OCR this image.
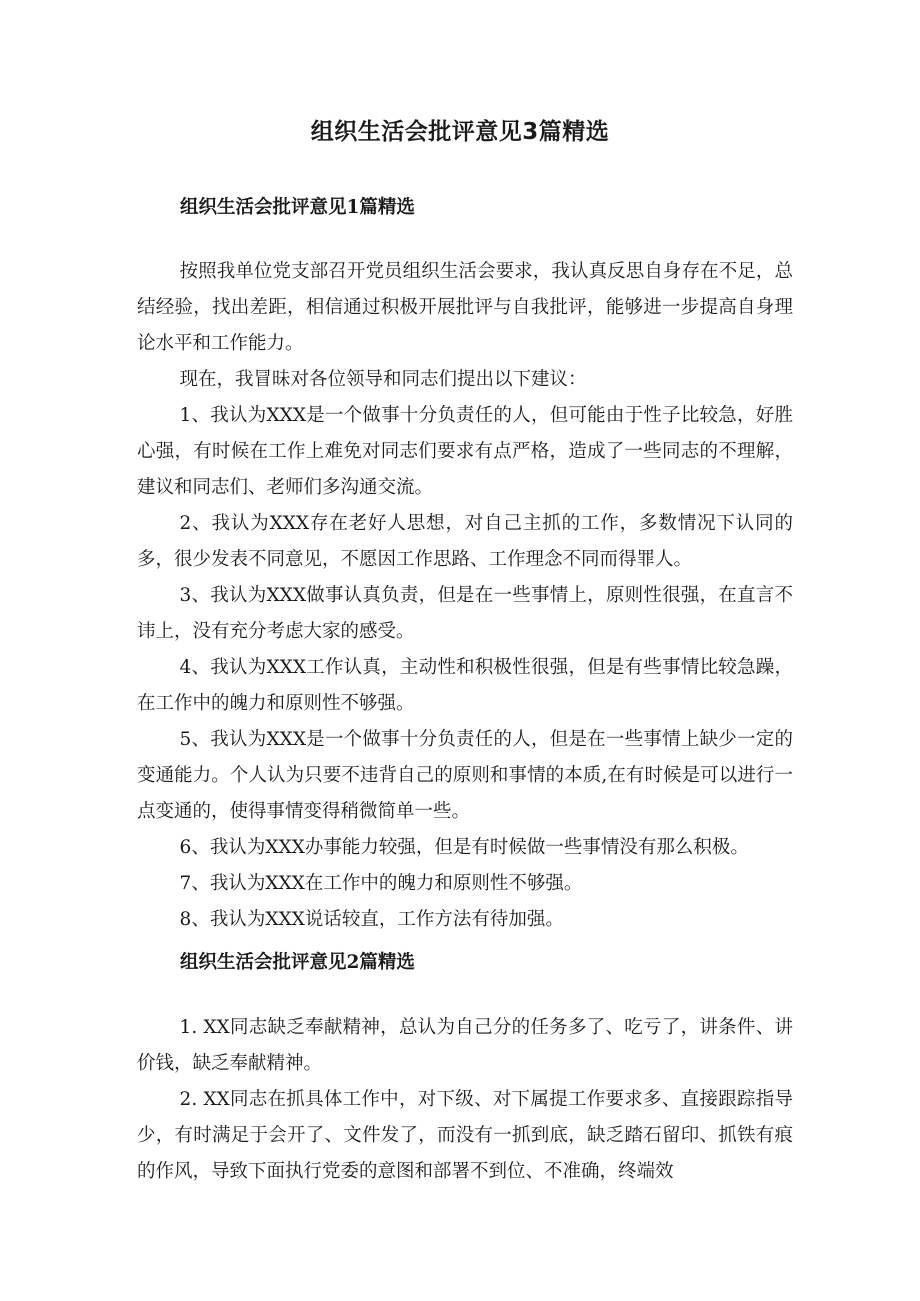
组织生活会批评意见3篇精选
组织生活会批评意见1篇精选

按照我单位党支部召开党员组织生活会要求，我认真反思自身存在不足，总结经验，找出差距，相信通过积极开展批评与自我批评，能够进一步提高自身理论水平和工作能力。

现在，我冒昧对各位领导和同志们提出以下建议：

1、我认为XXX是一个做事十分负责任的人，但可能由于性子比较急，好胜心强，有时候在工作上难免对同志们要求有点严格，造成了一些同志的不理解，建议和同志们、老师们多沟通交流。

2、我认为XXX存在老好人思想，对自己主抓的工作，多数情况下认同的多，很少发表不同意见，不愿因工作思路、工作理念不同而得罪人。

3、我认为XXX做事认真负责，但是在一些事情上，原则性很强，在直言不讳上，没有充分考虑大家的感受。

4、我认为XXX工作认真，主动性和积极性很强，但是有些事情比较急躁，在工作中的魄力和原则性不够强。

5、我认为XXX是一个做事十分负责任的人，但是在一些事情上缺少一定的变通能力。个人认为只要不违背自己的原则和事情的本质,在有时候是可以进行一点变通的，使得事情变得稍微简单一些。

6、我认为XXX办事能力较强，但是有时候做一些事情没有那么积极。

7、我认为XXX在工作中的魄力和原则性不够强。

8、我认为XXX说话较直，工作方法有待加强。

组织生活会批评意见2篇精选

1. XX同志缺乏奉献精神，总认为自己分的任务多了、吃亏了，讲条件、讲价钱，缺乏奉献精神。

2. XX同志在抓具体工作中，对下级、对下属提工作要求多、直接跟踪指导少，有时满足于会开了、文件发了，而没有一抓到底，缺乏踏石留印、抓铁有痕的作风，导致下面执行党委的意图和部署不到位、不准确，终端效
